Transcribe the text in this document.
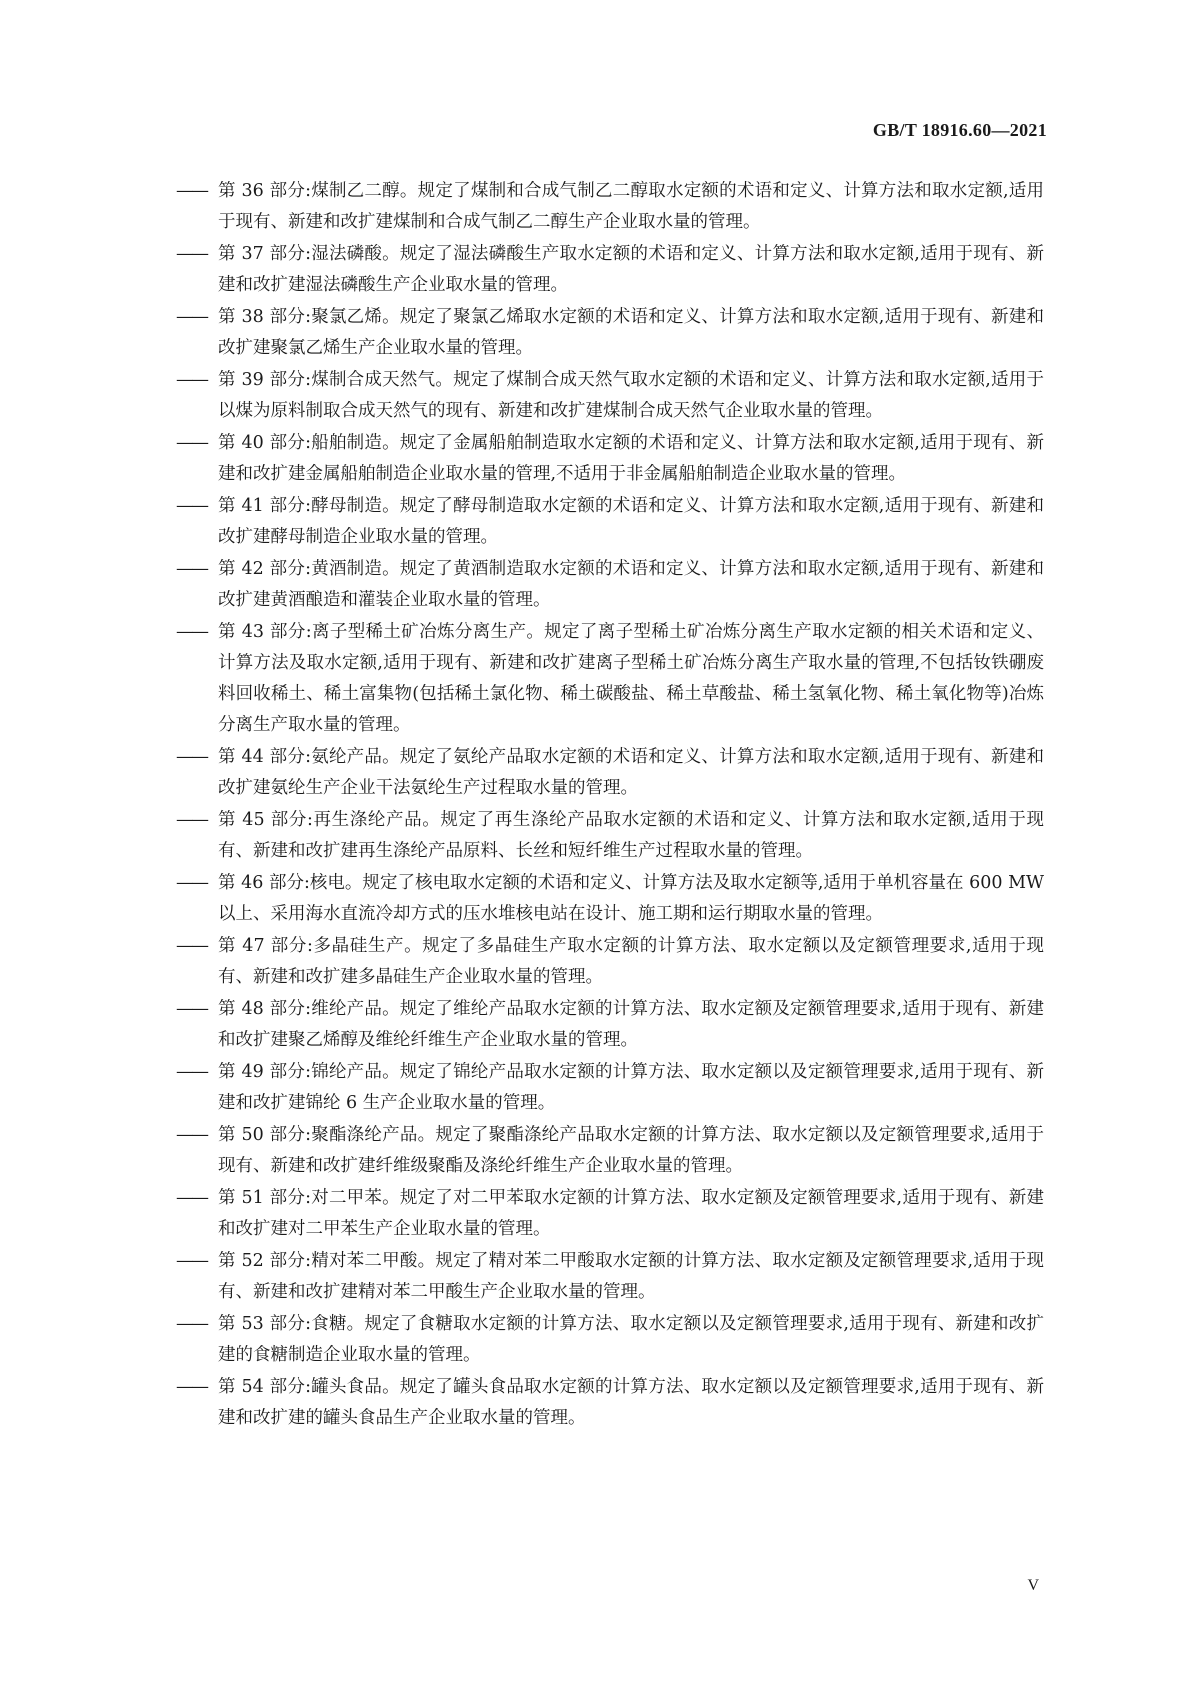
GB/T 18916.60—2021

—— 第 36 部分:煤制乙二醇。规定了煤制和合成气制乙二醇取水定额的术语和定义、计算方法和取水定额,适用于现有、新建和改扩建煤制和合成气制乙二醇生产企业取水量的管理。

—— 第 37 部分:湿法磷酸。规定了湿法磷酸生产取水定额的术语和定义、计算方法和取水定额,适用于现有、新建和改扩建湿法磷酸生产企业取水量的管理。

—— 第 38 部分:聚氯乙烯。规定了聚氯乙烯取水定额的术语和定义、计算方法和取水定额,适用于现有、新建和改扩建聚氯乙烯生产企业取水量的管理。

—— 第 39 部分:煤制合成天然气。规定了煤制合成天然气取水定额的术语和定义、计算方法和取水定额,适用于以煤为原料制取合成天然气的现有、新建和改扩建煤制合成天然气企业取水量的管理。

—— 第 40 部分:船舶制造。规定了金属船舶制造取水定额的术语和定义、计算方法和取水定额,适用于现有、新建和改扩建金属船舶制造企业取水量的管理,不适用于非金属船舶制造企业取水量的管理。

—— 第 41 部分:酵母制造。规定了酵母制造取水定额的术语和定义、计算方法和取水定额,适用于现有、新建和改扩建酵母制造企业取水量的管理。

—— 第 42 部分:黄酒制造。规定了黄酒制造取水定额的术语和定义、计算方法和取水定额,适用于现有、新建和改扩建黄酒酿造和灌装企业取水量的管理。

—— 第 43 部分:离子型稀土矿冶炼分离生产。规定了离子型稀土矿冶炼分离生产取水定额的相关术语和定义、计算方法及取水定额,适用于现有、新建和改扩建离子型稀土矿冶炼分离生产取水量的管理,不包括钕铁硼废料回收稀土、稀土富集物(包括稀土氯化物、稀土碳酸盐、稀土草酸盐、稀土氢氧化物、稀土氧化物等)冶炼分离生产取水量的管理。

—— 第 44 部分:氨纶产品。规定了氨纶产品取水定额的术语和定义、计算方法和取水定额,适用于现有、新建和改扩建氨纶生产企业干法氨纶生产过程取水量的管理。

—— 第 45 部分:再生涤纶产品。规定了再生涤纶产品取水定额的术语和定义、计算方法和取水定额,适用于现有、新建和改扩建再生涤纶产品原料、长丝和短纤维生产过程取水量的管理。

—— 第 46 部分:核电。规定了核电取水定额的术语和定义、计算方法及取水定额等,适用于单机容量在 600 MW 以上、采用海水直流冷却方式的压水堆核电站在设计、施工期和运行期取水量的管理。

—— 第 47 部分:多晶硅生产。规定了多晶硅生产取水定额的计算方法、取水定额以及定额管理要求,适用于现有、新建和改扩建多晶硅生产企业取水量的管理。

—— 第 48 部分:维纶产品。规定了维纶产品取水定额的计算方法、取水定额及定额管理要求,适用于现有、新建和改扩建聚乙烯醇及维纶纤维生产企业取水量的管理。

—— 第 49 部分:锦纶产品。规定了锦纶产品取水定额的计算方法、取水定额以及定额管理要求,适用于现有、新建和改扩建锦纶 6 生产企业取水量的管理。

—— 第 50 部分:聚酯涤纶产品。规定了聚酯涤纶产品取水定额的计算方法、取水定额以及定额管理要求,适用于现有、新建和改扩建纤维级聚酯及涤纶纤维生产企业取水量的管理。

—— 第 51 部分:对二甲苯。规定了对二甲苯取水定额的计算方法、取水定额及定额管理要求,适用于现有、新建和改扩建对二甲苯生产企业取水量的管理。

—— 第 52 部分:精对苯二甲酸。规定了精对苯二甲酸取水定额的计算方法、取水定额及定额管理要求,适用于现有、新建和改扩建精对苯二甲酸生产企业取水量的管理。

—— 第 53 部分:食糖。规定了食糖取水定额的计算方法、取水定额以及定额管理要求,适用于现有、新建和改扩建的食糖制造企业取水量的管理。

—— 第 54 部分:罐头食品。规定了罐头食品取水定额的计算方法、取水定额以及定额管理要求,适用于现有、新建和改扩建的罐头食品生产企业取水量的管理。

V
